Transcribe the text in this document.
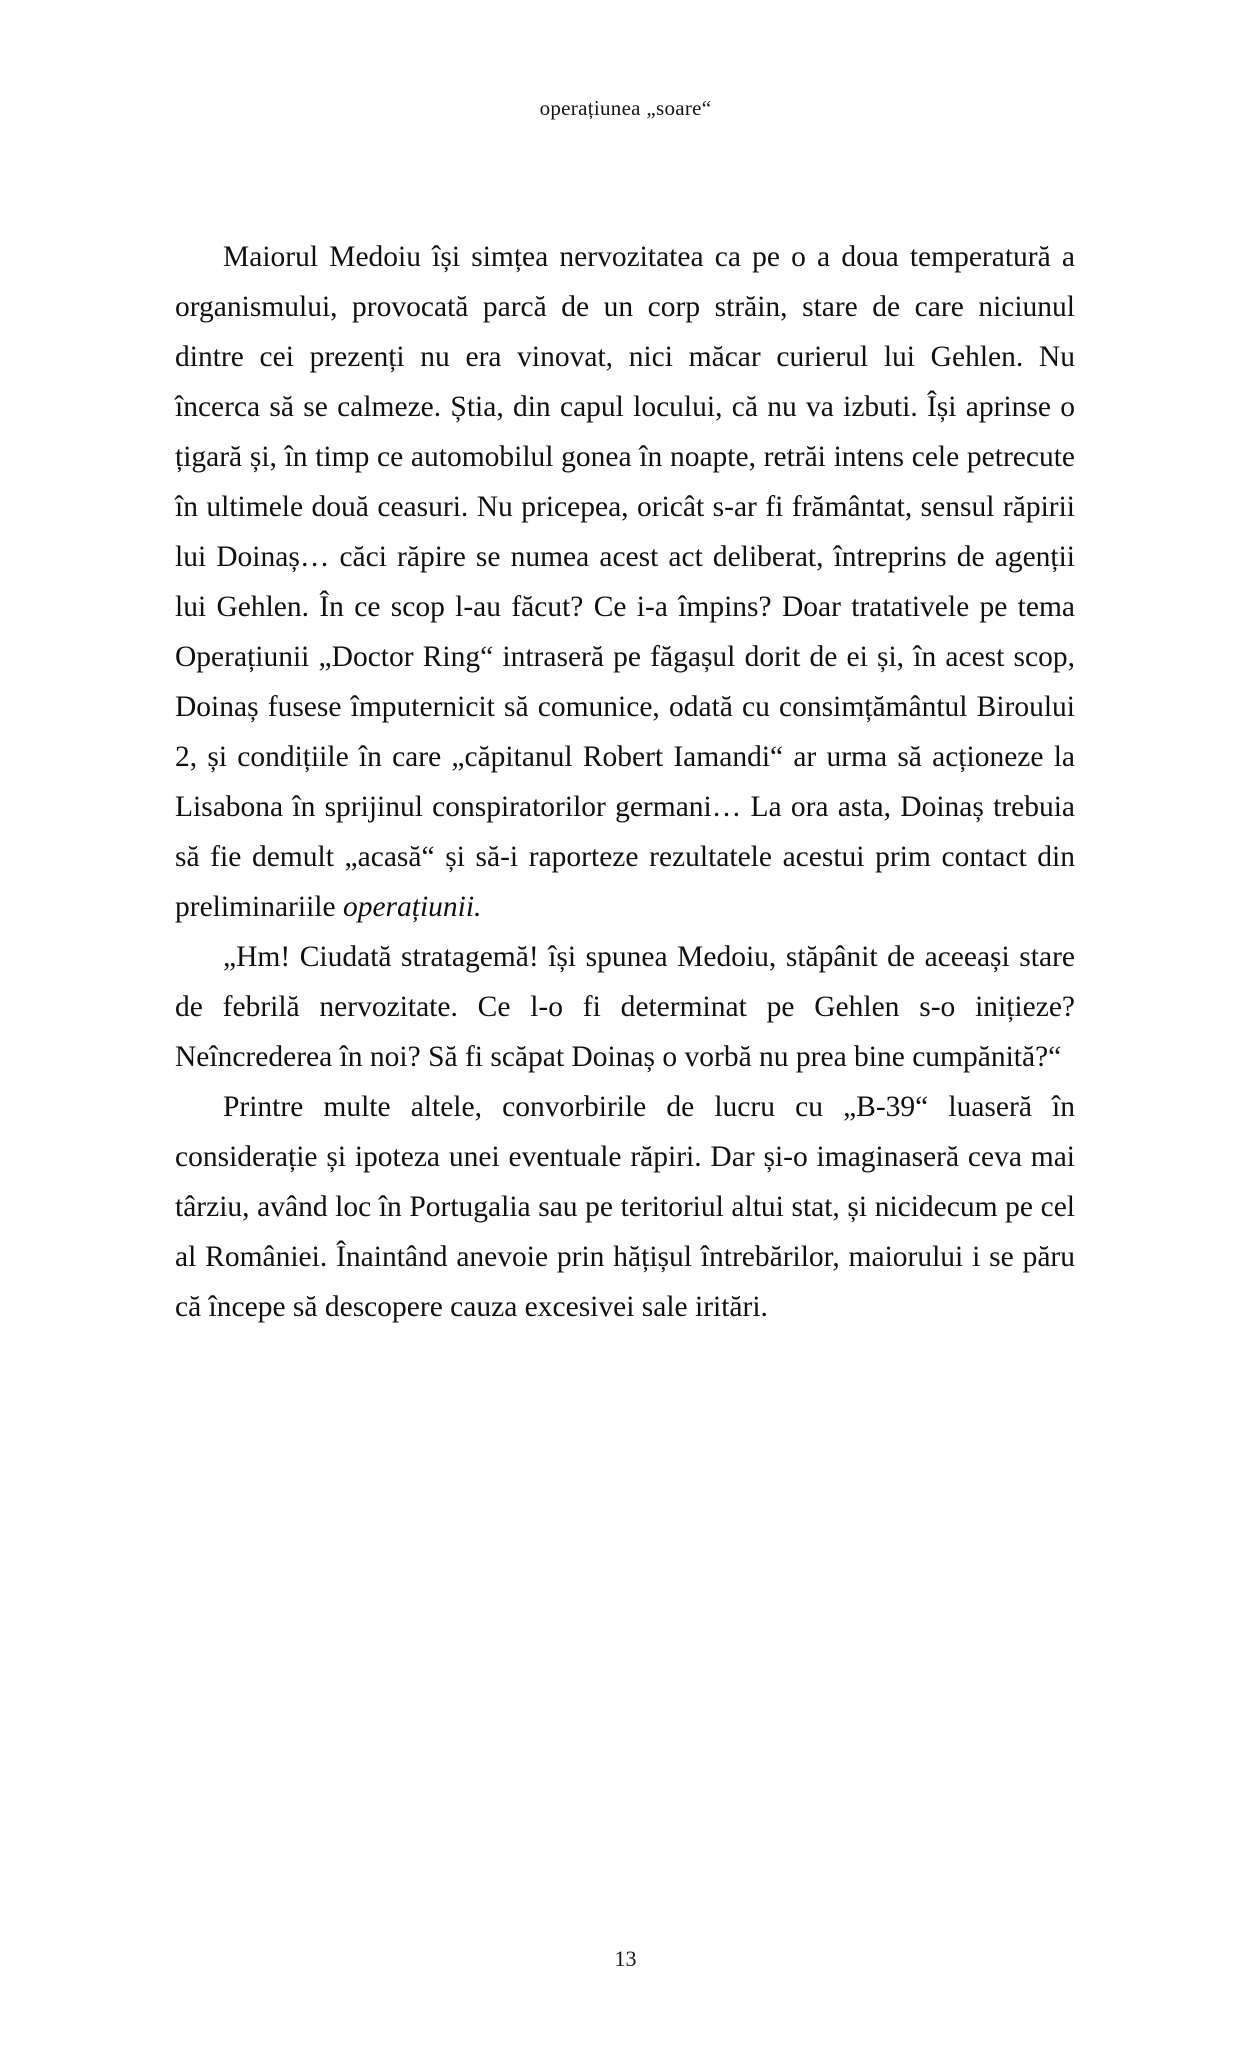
operațiunea „soare“

Maiorul Medoiu își simțea nervozitatea ca pe o a doua temperatură a organismului, provocată parcă de un corp străin, stare de care niciunul dintre cei prezenți nu era vinovat, nici măcar curierul lui Gehlen. Nu încerca să se calmeze. Știa, din capul locului, că nu va izbuti. Își aprinse o țigară și, în timp ce automobilul gonea în noapte, retrăi intens cele petrecute în ultimele două ceasuri. Nu pricepea, oricât s-ar fi frământat, sensul răpirii lui Doinaș… căci răpire se numea acest act deliberat, întreprins de agenții lui Gehlen. În ce scop l-au făcut? Ce i-a împins? Doar tratativele pe tema Operațiunii „Doctor Ring“ intraseră pe făgașul dorit de ei și, în acest scop, Doinaș fusese împuternicit să comunice, odată cu consimțământul Biroului 2, și condițiile în care „căpitanul Robert Iamandi“ ar urma să acționeze la Lisabona în sprijinul conspiratorilor germani… La ora asta, Doinaș trebuia să fie demult „acasă“ și să-i raporteze rezultatele acestui prim contact din preliminariile operațiunii.

„Hm! Ciudată stratagemă! își spunea Medoiu, stăpânit de aceeași stare de febrilă nervozitate. Ce l-o fi determinat pe Gehlen s-o inițieze? Neîncrederea în noi? Să fi scăpat Doinaș o vorbă nu prea bine cumpănită?“

Printre multe altele, convorbirile de lucru cu „B-39“ luaseră în considerație și ipoteza unei eventuale răpiri. Dar și-o imaginaseră ceva mai târziu, având loc în Portugalia sau pe teritoriul altui stat, și nicidecum pe cel al României. Înaintând anevoie prin hățișul întrebărilor, maiorului i se păru că începe să descopere cauza excesivei sale iritări.

13
